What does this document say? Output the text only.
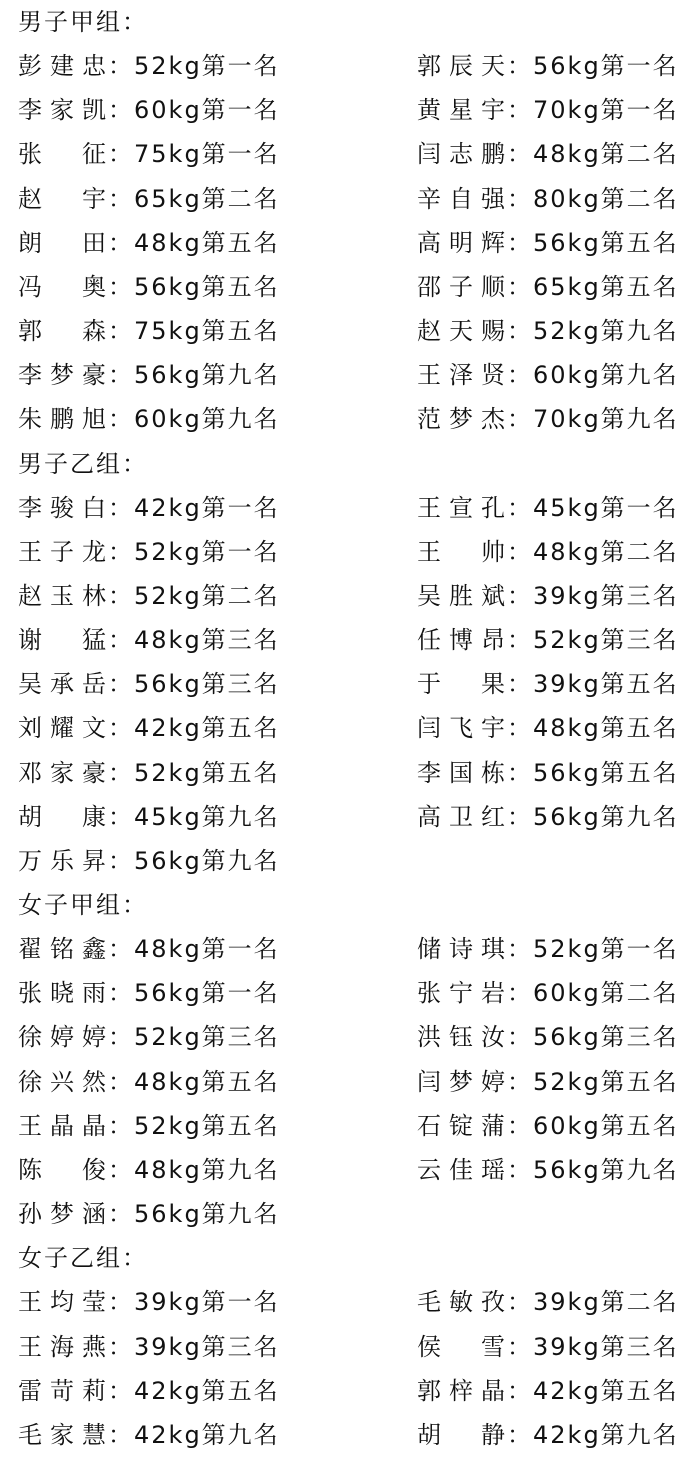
男子甲组：
彭建忠：52kg第一名	郭辰天：56kg第一名
李家凯：60kg第一名	黄星宇：70kg第一名
张征：75kg第一名	闫志鹏：48kg第二名
赵宇：65kg第二名	辛自强：80kg第二名
朗田：48kg第五名	高明辉：56kg第五名
冯奥：56kg第五名	邵子顺：65kg第五名
郭森：75kg第五名	赵天赐：52kg第九名
李梦豪：56kg第九名	王泽贤：60kg第九名
朱鹏旭：60kg第九名	范梦杰：70kg第九名
男子乙组：
李骏白：42kg第一名	王宣孔：45kg第一名
王子龙：52kg第一名	王帅：48kg第二名
赵玉林：52kg第二名	吴胜斌：39kg第三名
谢猛：48kg第三名	任博昂：52kg第三名
吴承岳：56kg第三名	于果：39kg第五名
刘耀文：42kg第五名	闫飞宇：48kg第五名
邓家豪：52kg第五名	李国栋：56kg第五名
胡康：45kg第九名	高卫红：56kg第九名
万乐昇：56kg第九名
女子甲组：
翟铭鑫：48kg第一名	储诗琪：52kg第一名
张晓雨：56kg第一名	张宁岩：60kg第二名
徐婷婷：52kg第三名	洪钰汝：56kg第三名
徐兴然：48kg第五名	闫梦婷：52kg第五名
王晶晶：52kg第五名	石锭蒲：60kg第五名
陈俊：48kg第九名	云佳瑶：56kg第九名
孙梦涵：56kg第九名
女子乙组：
王均莹：39kg第一名	毛敏孜：39kg第二名
王海燕：39kg第三名	侯雪：39kg第三名
雷苛莉：42kg第五名	郭梓晶：42kg第五名
毛家慧：42kg第九名	胡静：42kg第九名
